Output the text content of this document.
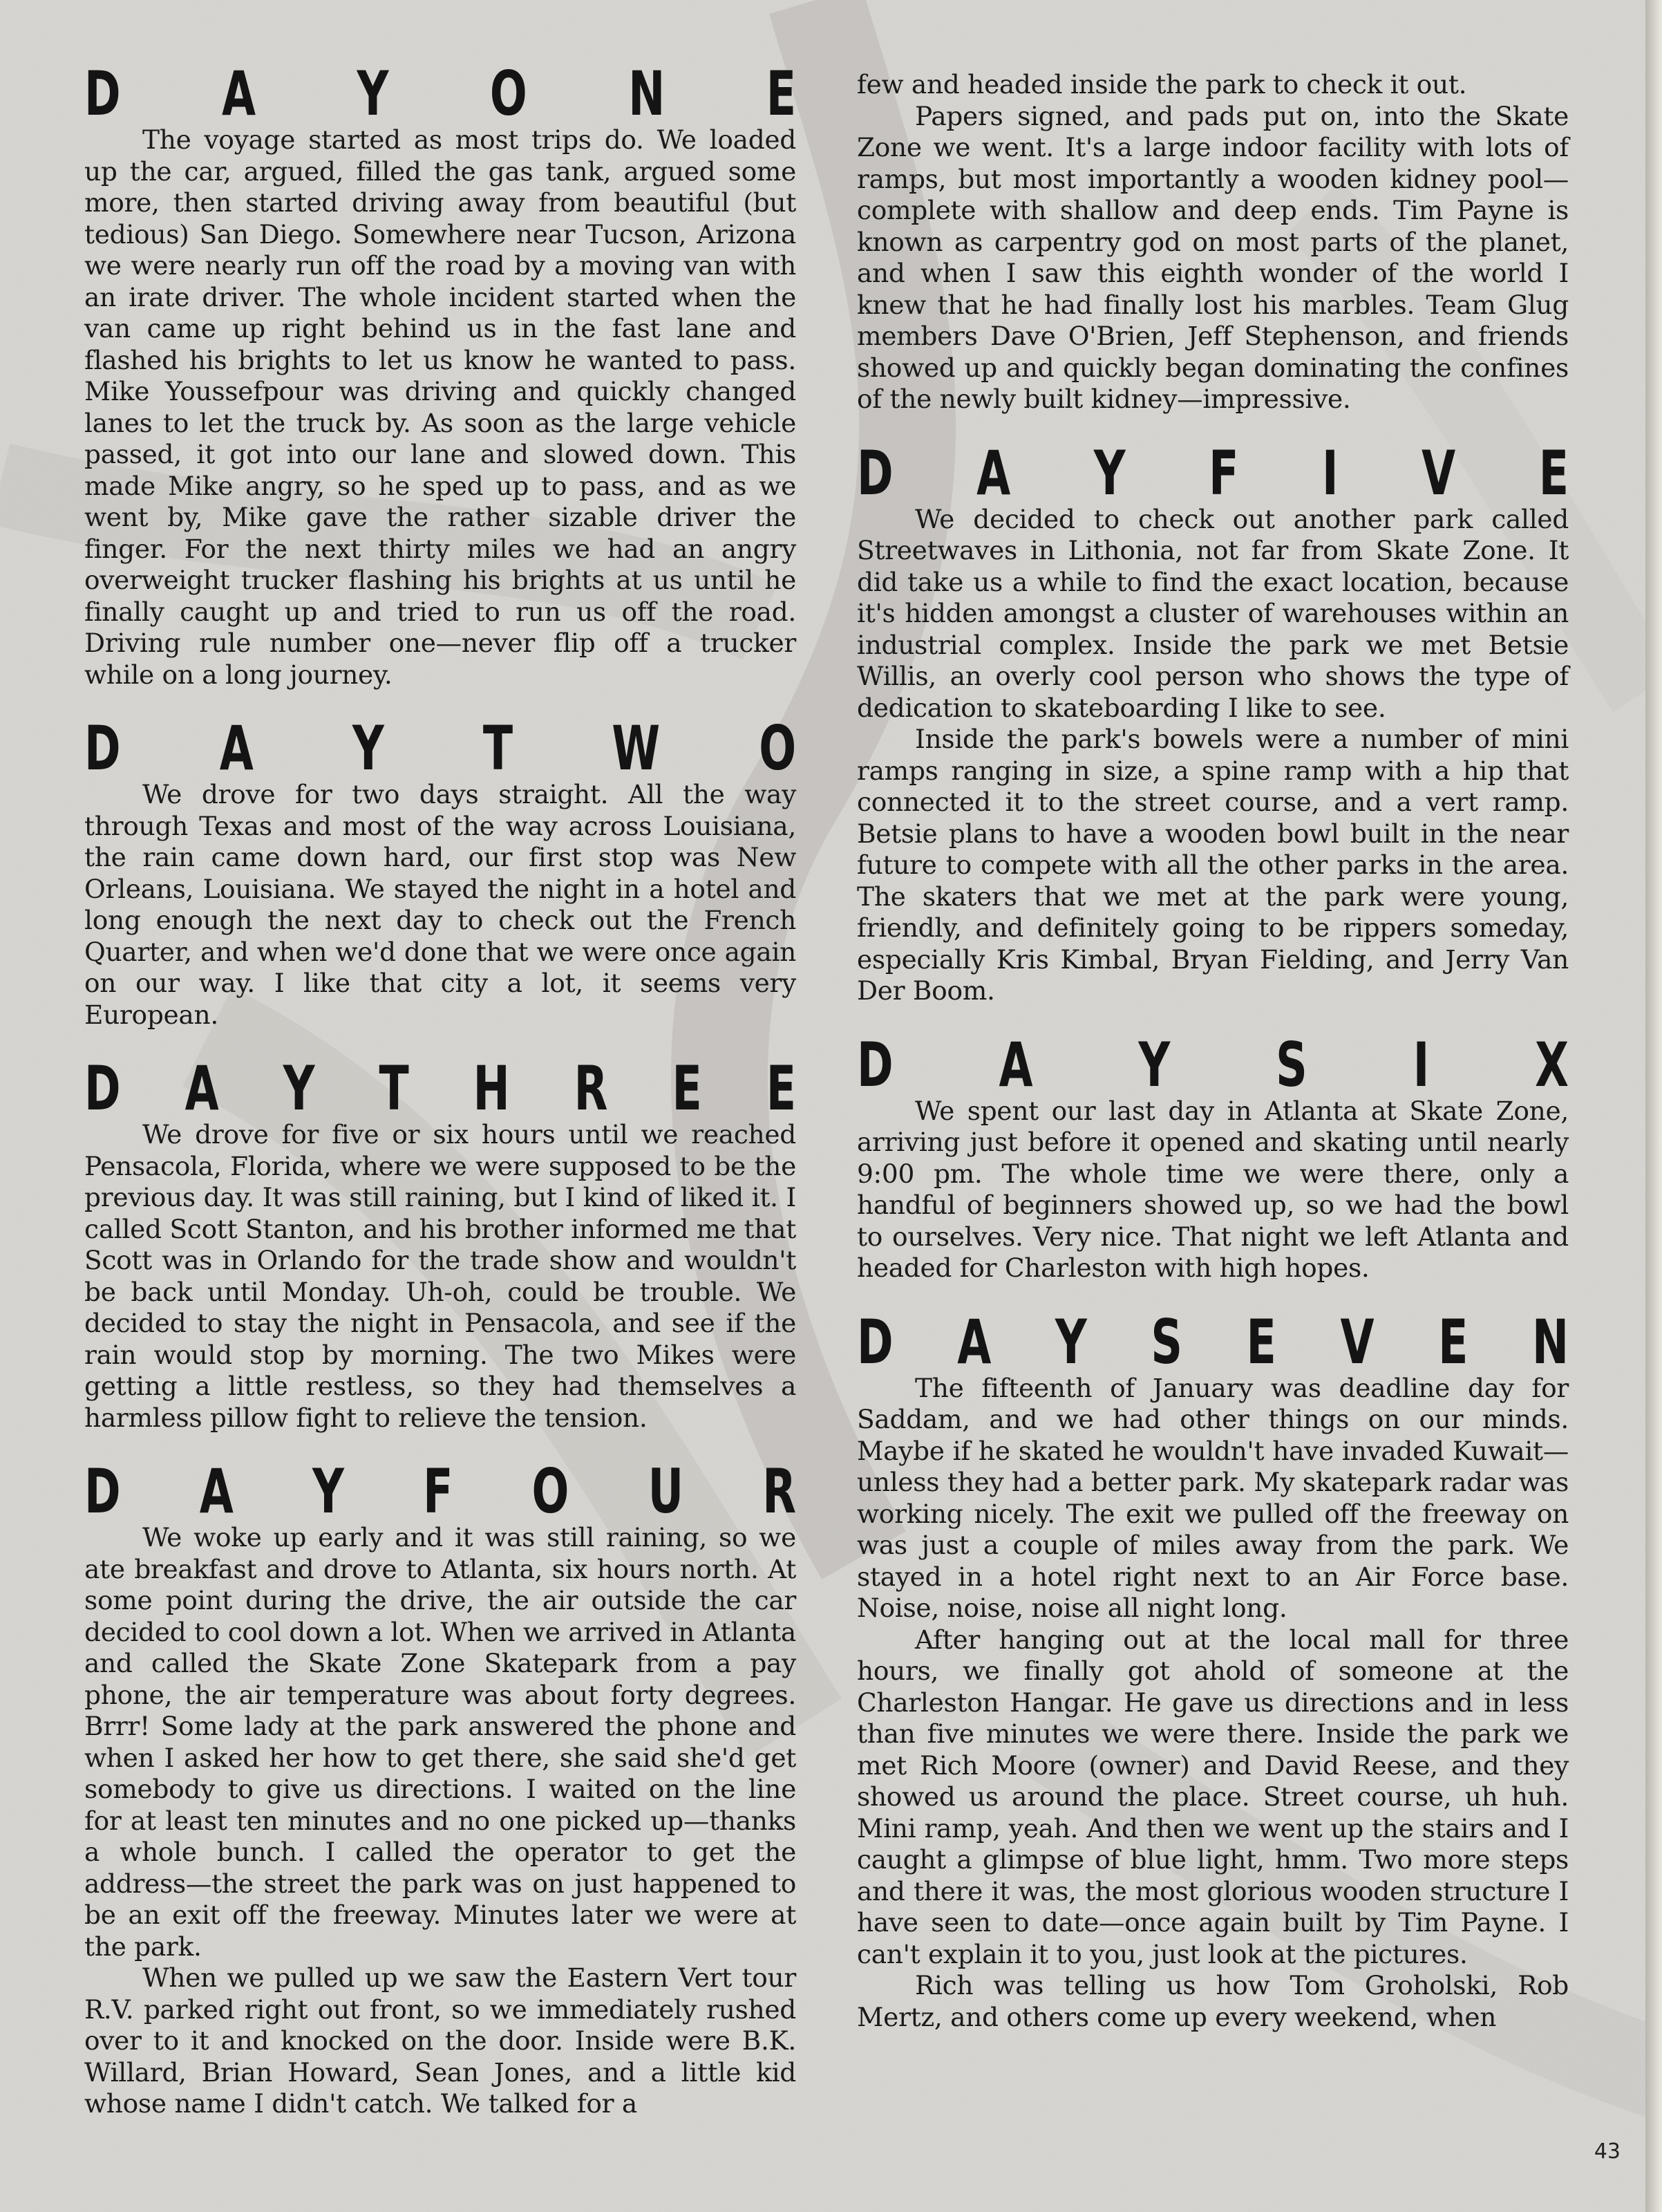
D A Y O N E

The voyage started as most trips do. We loaded up the car, argued, filled the gas tank, argued some more, then started driving away from beautiful (but tedious) San Diego. Somewhere near Tucson, Arizona we were nearly run off the road by a moving van with an irate driver. The whole incident started when the van came up right behind us in the fast lane and flashed his brights to let us know he wanted to pass. Mike Youssefpour was driving and quickly changed lanes to let the truck by. As soon as the large vehicle passed, it got into our lane and slowed down. This made Mike angry, so he sped up to pass, and as we went by, Mike gave the rather sizable driver the finger. For the next thirty miles we had an angry overweight trucker flashing his brights at us until he finally caught up and tried to run us off the road. Driving rule number one—never flip off a trucker while on a long journey.

D A Y T W O

We drove for two days straight. All the way through Texas and most of the way across Louisiana, the rain came down hard, our first stop was New Orleans, Louisiana. We stayed the night in a hotel and long enough the next day to check out the French Quarter, and when we'd done that we were once again on our way. I like that city a lot, it seems very European.

D A Y T H R E E

We drove for five or six hours until we reached Pensacola, Florida, where we were supposed to be the previous day. It was still raining, but I kind of liked it. I called Scott Stanton, and his brother informed me that Scott was in Orlando for the trade show and wouldn't be back until Monday. Uh-oh, could be trouble. We decided to stay the night in Pensacola, and see if the rain would stop by morning. The two Mikes were getting a little restless, so they had themselves a harmless pillow fight to relieve the tension.

D A Y F O U R

We woke up early and it was still raining, so we ate breakfast and drove to Atlanta, six hours north. At some point during the drive, the air outside the car decided to cool down a lot. When we arrived in Atlanta and called the Skate Zone Skatepark from a pay phone, the air temperature was about forty degrees. Brrr! Some lady at the park answered the phone and when I asked her how to get there, she said she'd get somebody to give us directions. I waited on the line for at least ten minutes and no one picked up—thanks a whole bunch. I called the operator to get the address—the street the park was on just happened to be an exit off the freeway. Minutes later we were at the park.

When we pulled up we saw the Eastern Vert tour R.V. parked right out front, so we immediately rushed over to it and knocked on the door. Inside were B.K. Willard, Brian Howard, Sean Jones, and a little kid whose name I didn't catch. We talked for a

few and headed inside the park to check it out.

Papers signed, and pads put on, into the Skate Zone we went. It's a large indoor facility with lots of ramps, but most importantly a wooden kidney pool—complete with shallow and deep ends. Tim Payne is known as carpentry god on most parts of the planet, and when I saw this eighth wonder of the world I knew that he had finally lost his marbles. Team Glug members Dave O'Brien, Jeff Stephenson, and friends showed up and quickly began dominating the confines of the newly built kidney—impressive.

D A Y F I V E

We decided to check out another park called Streetwaves in Lithonia, not far from Skate Zone. It did take us a while to find the exact location, because it's hidden amongst a cluster of warehouses within an industrial complex. Inside the park we met Betsie Willis, an overly cool person who shows the type of dedication to skateboarding I like to see.

Inside the park's bowels were a number of mini ramps ranging in size, a spine ramp with a hip that connected it to the street course, and a vert ramp. Betsie plans to have a wooden bowl built in the near future to compete with all the other parks in the area. The skaters that we met at the park were young, friendly, and definitely going to be rippers someday, especially Kris Kimbal, Bryan Fielding, and Jerry Van Der Boom.

D A Y S I X

We spent our last day in Atlanta at Skate Zone, arriving just before it opened and skating until nearly 9:00 pm. The whole time we were there, only a handful of beginners showed up, so we had the bowl to ourselves. Very nice. That night we left Atlanta and headed for Charleston with high hopes.

D A Y S E V E N

The fifteenth of January was deadline day for Saddam, and we had other things on our minds. Maybe if he skated he wouldn't have invaded Kuwait—unless they had a better park. My skatepark radar was working nicely. The exit we pulled off the freeway on was just a couple of miles away from the park. We stayed in a hotel right next to an Air Force base. Noise, noise, noise all night long.

After hanging out at the local mall for three hours, we finally got ahold of someone at the Charleston Hangar. He gave us directions and in less than five minutes we were there. Inside the park we met Rich Moore (owner) and David Reese, and they showed us around the place. Street course, uh huh. Mini ramp, yeah. And then we went up the stairs and I caught a glimpse of blue light, hmm. Two more steps and there it was, the most glorious wooden structure I have seen to date—once again built by Tim Payne. I can't explain it to you, just look at the pictures.

Rich was telling us how Tom Groholski, Rob Mertz, and others come up every weekend, when

43
